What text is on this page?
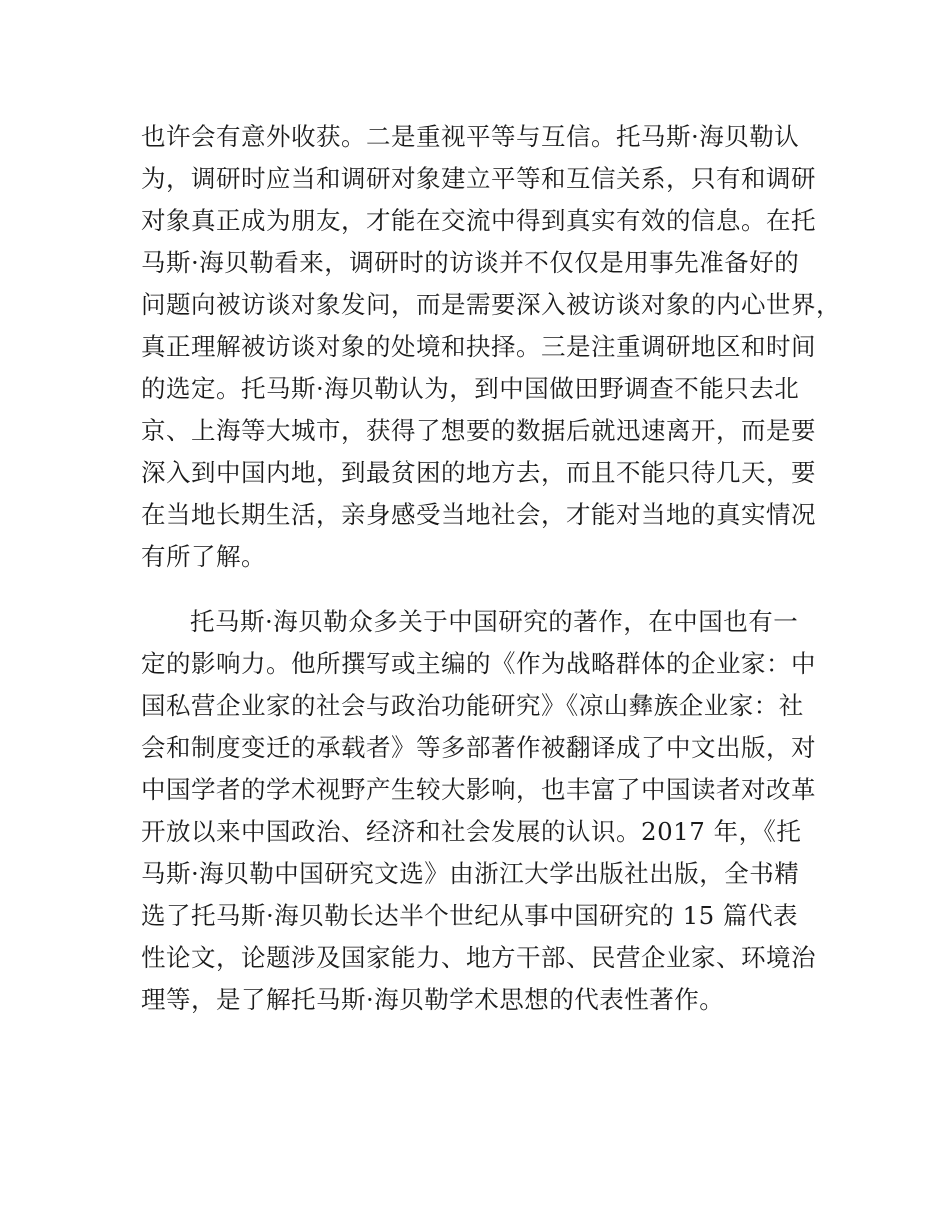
也许会有意外收获。二是重视平等与互信。托马斯·海贝勒认
为，调研时应当和调研对象建立平等和互信关系，只有和调研
对象真正成为朋友，才能在交流中得到真实有效的信息。在托
马斯·海贝勒看来，调研时的访谈并不仅仅是用事先准备好的
问题向被访谈对象发问，而是需要深入被访谈对象的内心世界，
真正理解被访谈对象的处境和抉择。三是注重调研地区和时间
的选定。托马斯·海贝勒认为，到中国做田野调查不能只去北
京、上海等大城市，获得了想要的数据后就迅速离开，而是要
深入到中国内地，到最贫困的地方去，而且不能只待几天，要
在当地长期生活，亲身感受当地社会，才能对当地的真实情况
有所了解。
托马斯·海贝勒众多关于中国研究的著作，在中国也有一
定的影响力。他所撰写或主编的《作为战略群体的企业家：中
国私营企业家的社会与政治功能研究》《凉山彝族企业家：社
会和制度变迁的承载者》等多部著作被翻译成了中文出版，对
中国学者的学术视野产生较大影响，也丰富了中国读者对改革
开放以来中国政治、经济和社会发展的认识。2017 年，《托
马斯·海贝勒中国研究文选》由浙江大学出版社出版，全书精
选了托马斯·海贝勒长达半个世纪从事中国研究的 15 篇代表
性论文，论题涉及国家能力、地方干部、民营企业家、环境治
理等，是了解托马斯·海贝勒学术思想的代表性著作。
